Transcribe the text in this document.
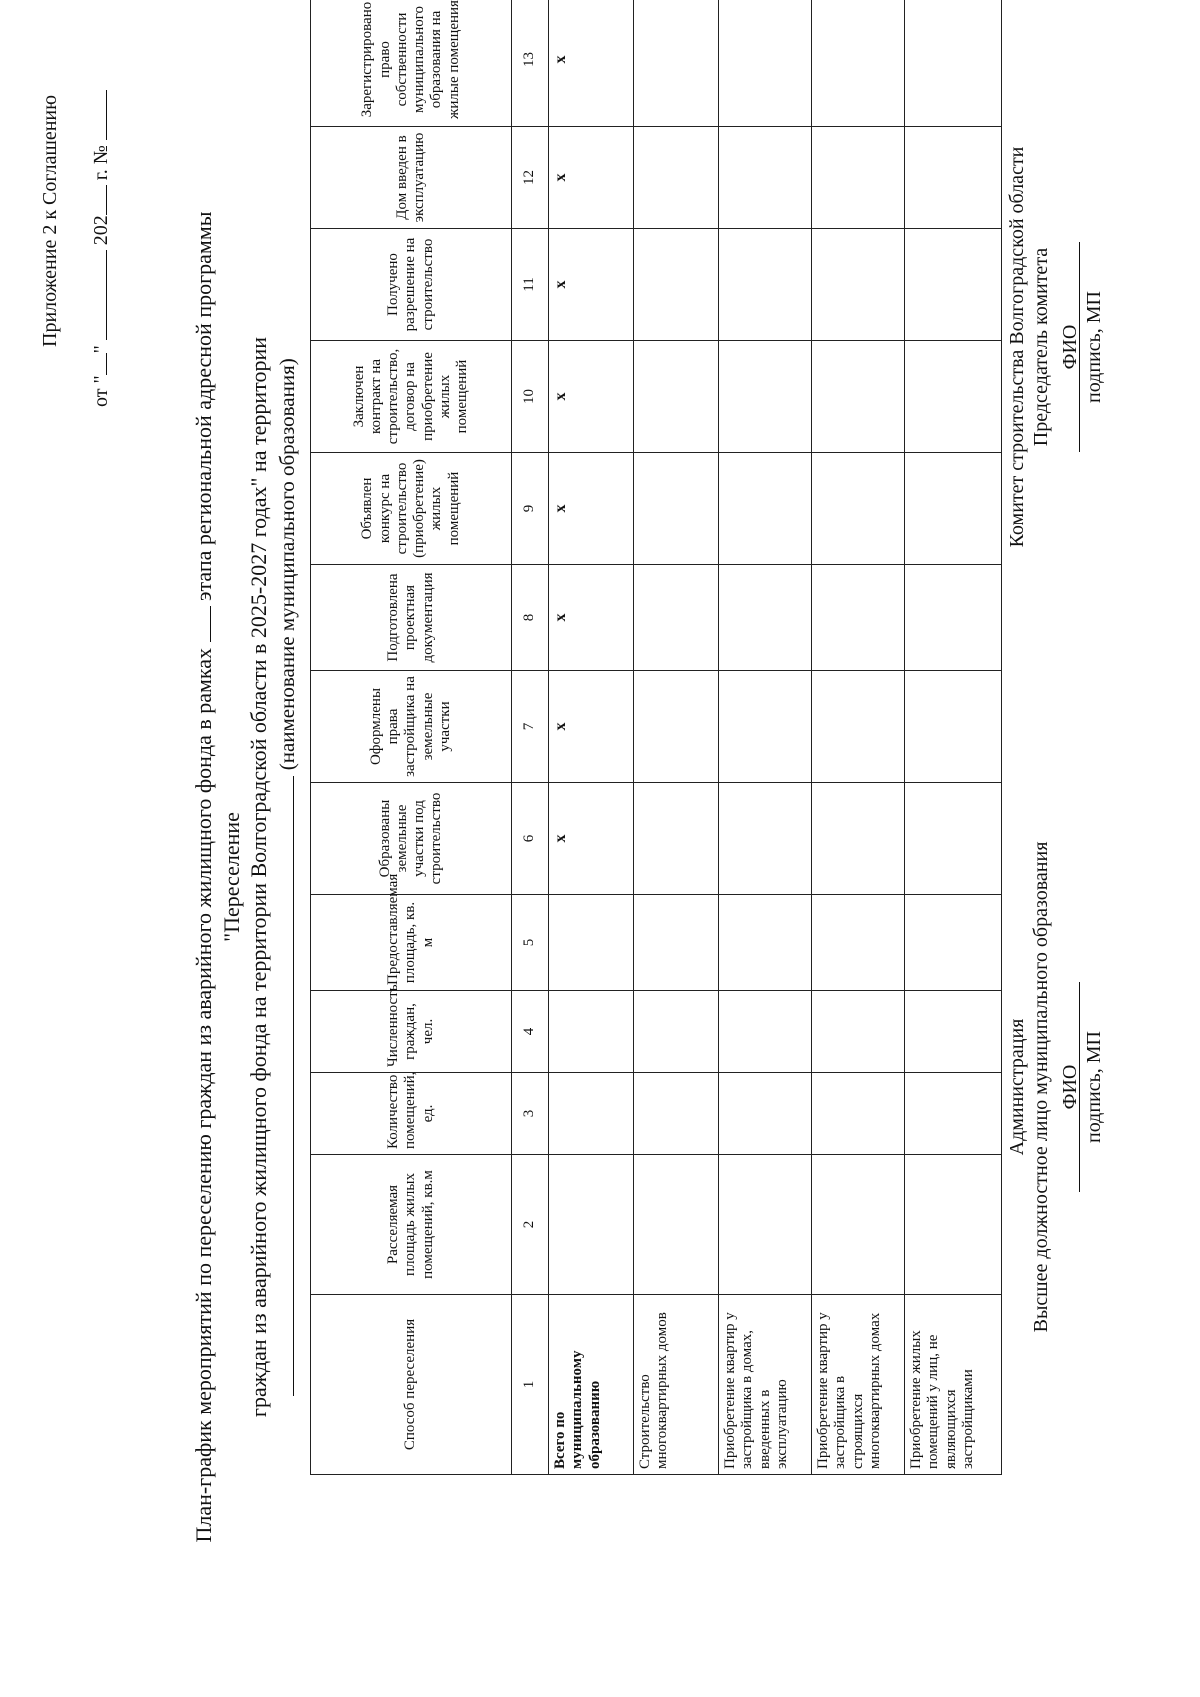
Приложение 2 к Соглашению
от ""  202 г. №
План-график мероприятий по переселению граждан из аварийного жилищного фонда в рамках  этапа региональной адресной программы "Переселение граждан из аварийного жилищного фонда на территории Волгоградской области в 2025-2027 годах" на территории (наименование муниципального образования)
Способ переселения	Расселяемая площадь жилых помещений, кв.м	Количество помещений, ед.	Численность граждан, чел.	Предоставляемая площадь, кв. м	Образованы земельные участки под строительство	Оформлены права застройщика на земельные участки	Подготовлена проектная документация	Объявлен конкурс на строительство (приобретение) жилых помещений	Заключен контракт на строительство, договор на приобретение жилых помещений	Получено разрешение на строительство	Дом введен в эксплуатацию	Зарегистрировано право собственности муниципального образования на жилые помещения	
1	2	3	4	5	6	7	8	9	10	11	12	13	
Всего по муниципальному образованию					x	x	x	x	x	x	x	x	
Строительство многоквартирных домов													
Приобретение квартир у застройщика в домах, введенных в эксплуатацию													
Приобретение квартир у застройщика в строящихся многоквартирных домах													
Приобретение жилых помещений у лиц, не являющихся застройщиками													
Администрация Высшее должностное лицо муниципального образования ФИО подпись, МП
Комитет строительства Волгоградской области Председатель комитета ФИО подпись, МП
